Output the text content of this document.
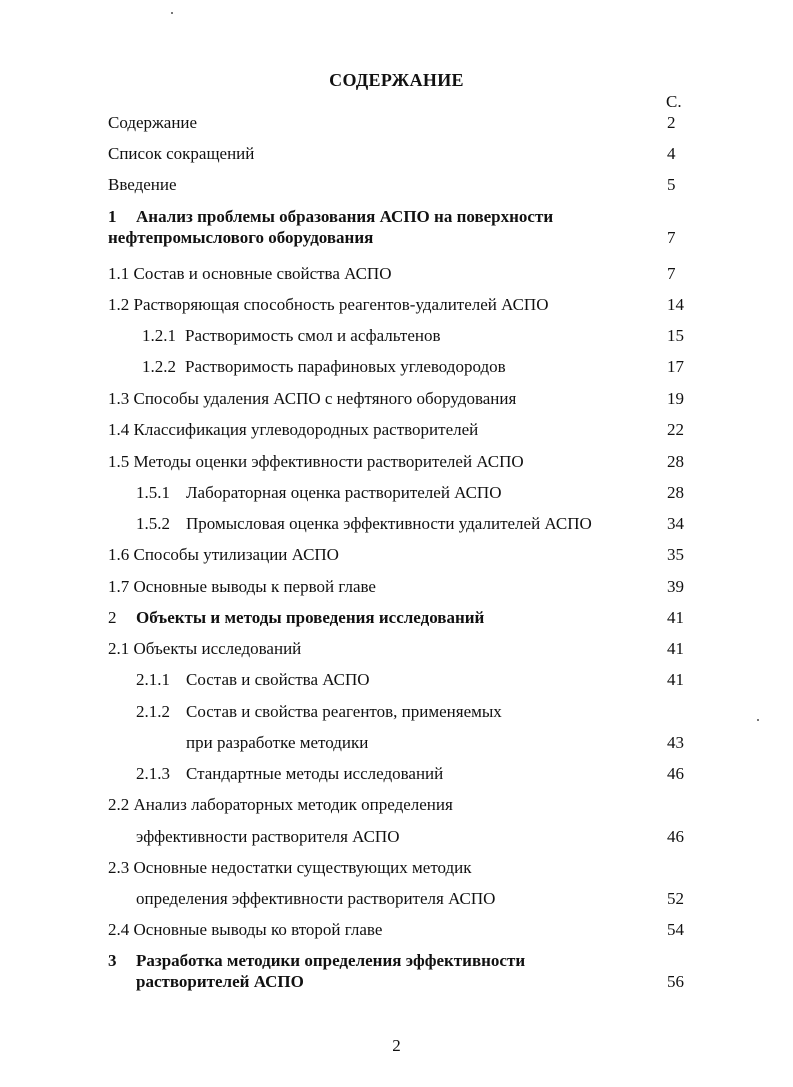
СОДЕРЖАНИЕ
С.
Содержание	2
Список сокращений	4
Введение	5
1 Анализ проблемы образования АСПО на поверхности
нефтепромыслового оборудования	7
1.1 Состав и основные свойства АСПО	7
1.2 Растворяющая способность реагентов-удалителей АСПО	14
1.2.1 Растворимость смол и асфальтенов	15
1.2.2 Растворимость парафиновых углеводородов	17
1.3 Способы удаления АСПО с нефтяного оборудования	19
1.4 Классификация углеводородных растворителей	22
1.5 Методы оценки эффективности растворителей АСПО	28
1.5.1 Лабораторная оценка растворителей АСПО	28
1.5.2 Промысловая оценка эффективности удалителей АСПО	34
1.6 Способы утилизации АСПО	35
1.7 Основные выводы к первой главе	39
2 Объекты и методы проведения исследований	41
2.1 Объекты исследований	41
2.1.1 Состав и свойства АСПО	41
2.1.2 Состав и свойства реагентов, применяемых
при разработке методики	43
2.1.3 Стандартные методы исследований	46
2.2 Анализ лабораторных методик определения
эффективности растворителя АСПО	46
2.3 Основные недостатки существующих методик
определения эффективности растворителя АСПО	52
2.4 Основные выводы ко второй главе	54
3 Разработка методики определения эффективности
растворителей АСПО	56
2
